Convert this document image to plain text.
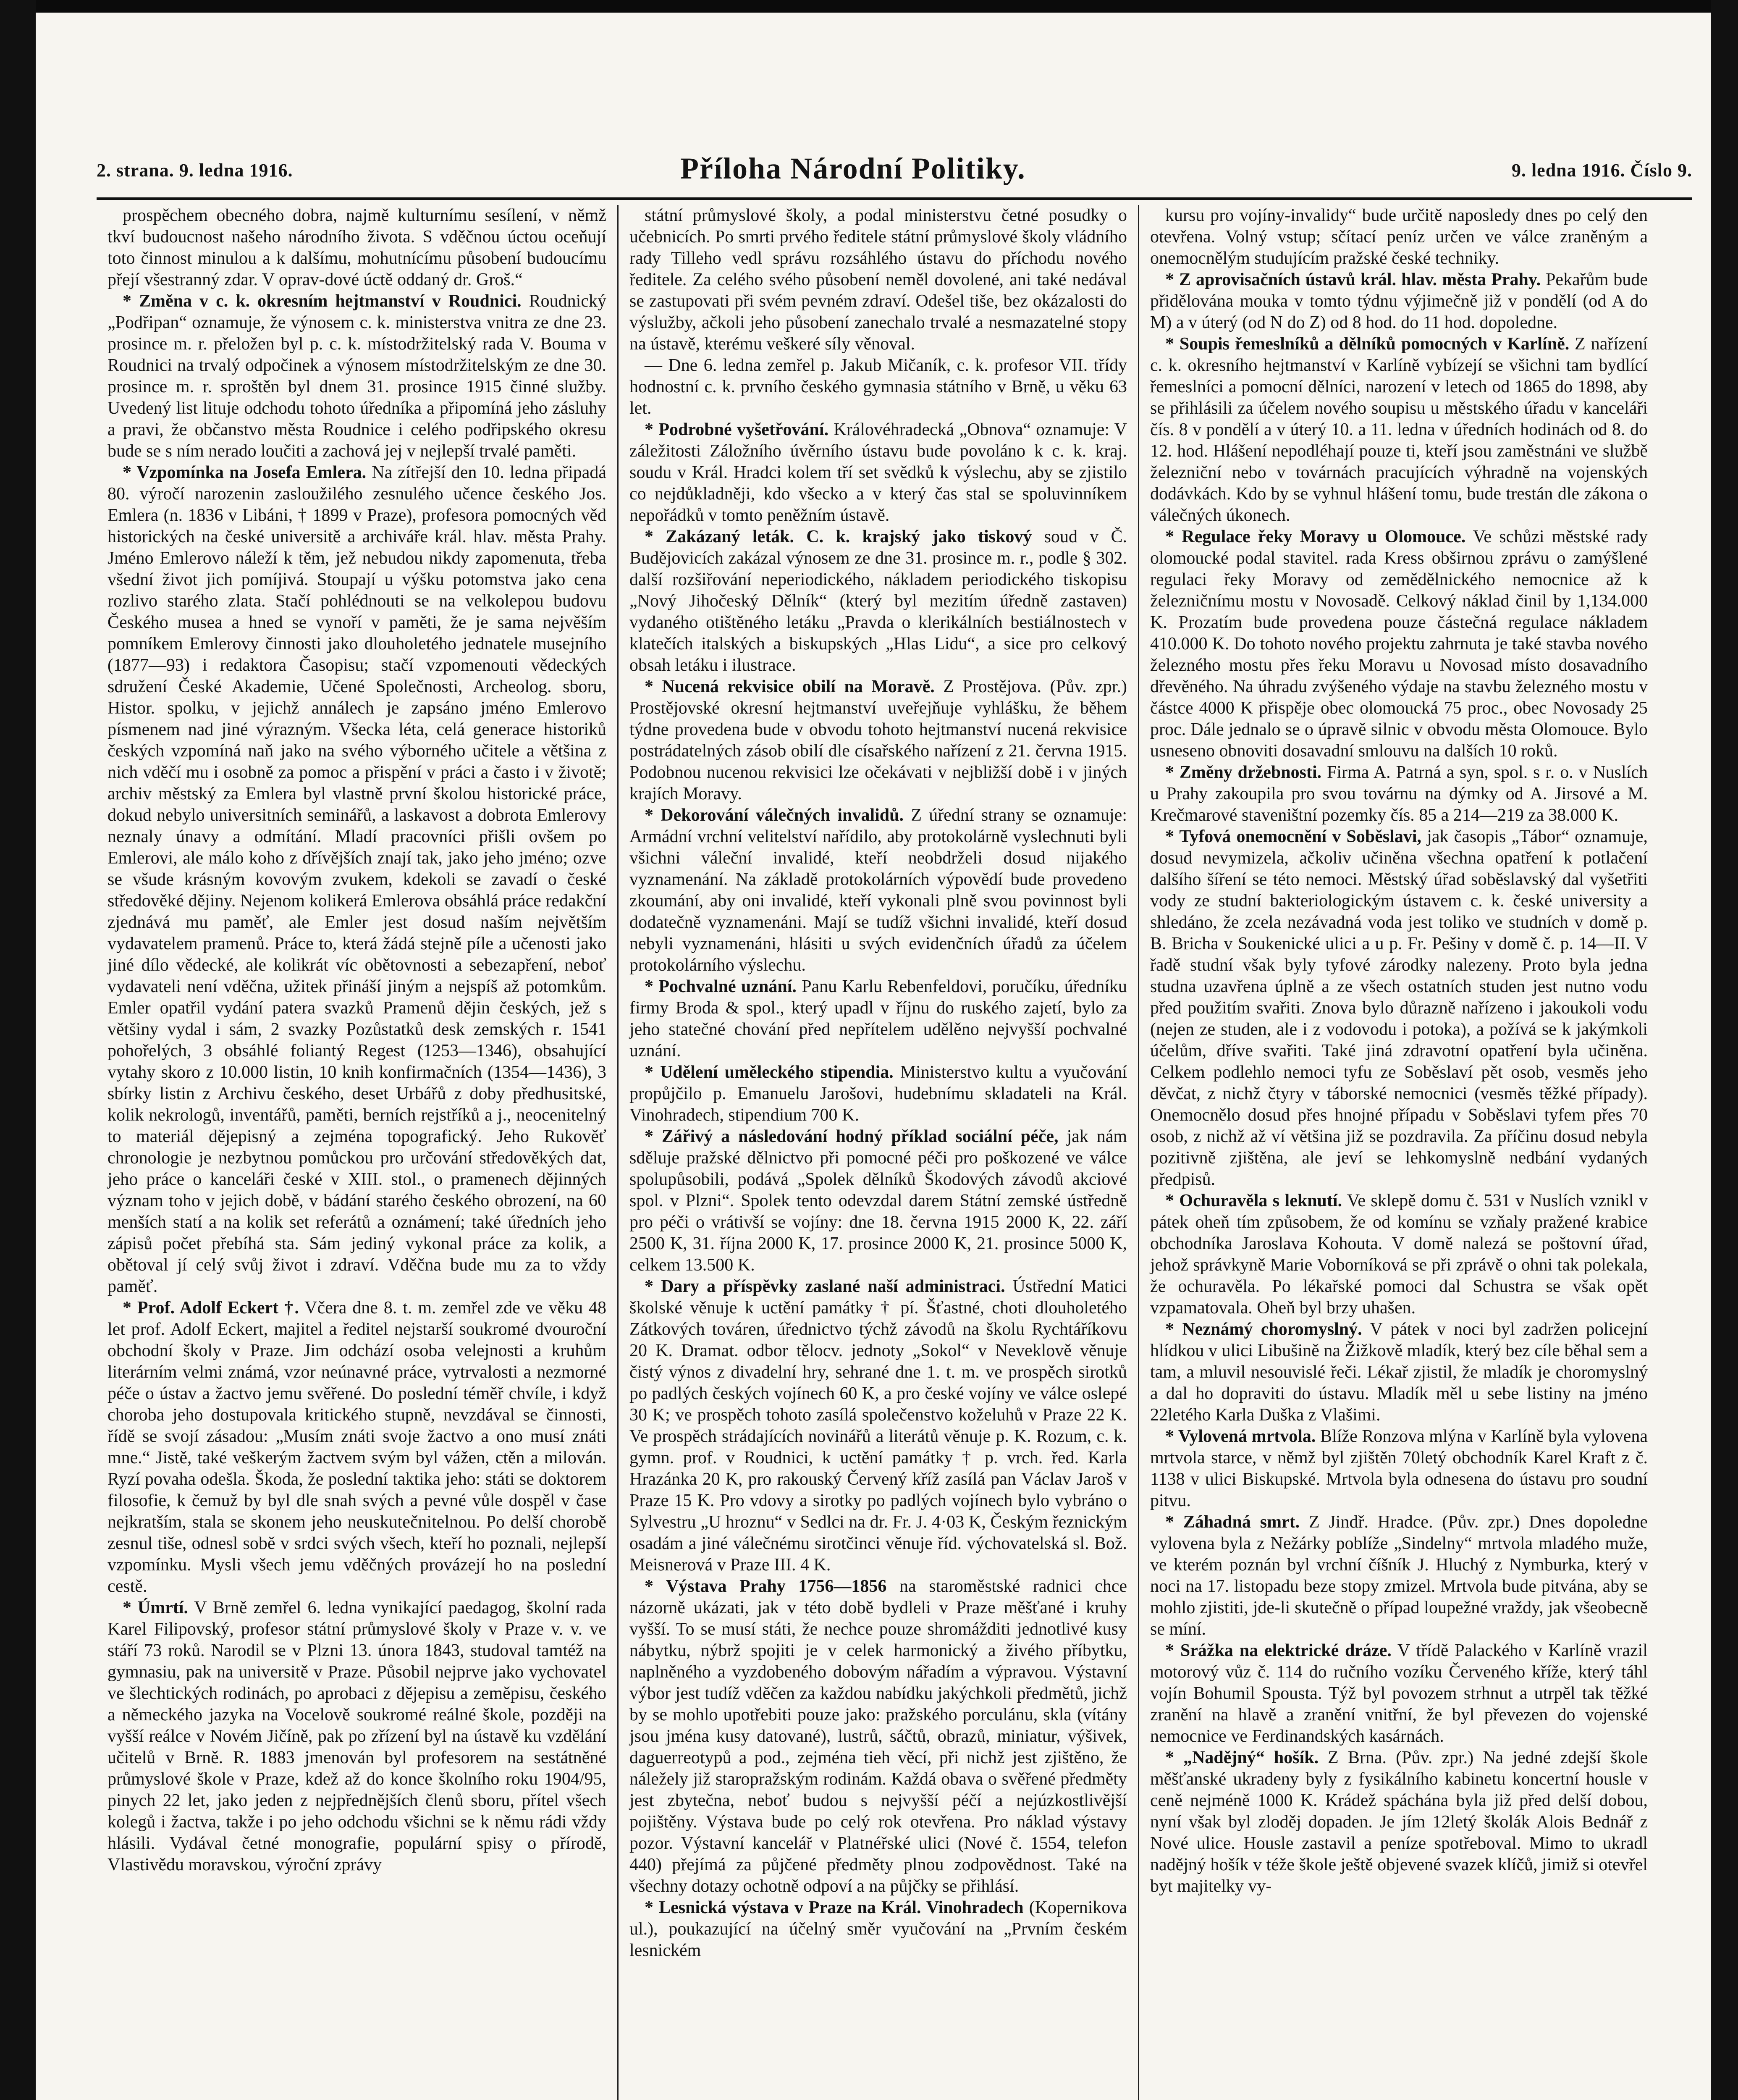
2. strana. 9. ledna 1916.	Příloha Národní Politiky.	9. ledna 1916. Číslo 9.

prospěchem obecného dobra, najmě kulturnímu sesílení, v němž tkví budoucnost našeho národního života. S vděčnou úctou oceňují toto činnost minulou a k dalšímu, mohutnícímu působení budoucímu přejí všestranný zdar. V oprav-dové úctě oddaný dr. Groš.“

* Změna v c. k. okresním hejtmanství v Roudnici. Roudnický „Podřipan“ oznamuje, že výnosem c. k. ministerstva vnitra ze dne 23. prosince m. r. přeložen byl p. c. k. místodržitelský rada V. Bouma v Roudnici na trvalý odpočinek a výnosem místodržitelským ze dne 30. prosince m. r. sproštěn byl dnem 31. prosince 1915 činné služby. Uvedený list lituje odchodu tohoto úředníka a připomíná jeho zásluhy a pravi, že občanstvo města Roudnice i celého podřipského okresu bude se s ním nerado loučiti a zachová jej v nejlepší trvalé paměti.

* Vzpomínka na Josefa Emlera. Na zítřejší den 10. ledna připadá 80. výročí narozenin zasloužilého zesnulého učence českého Jos. Emlera (n. 1836 v Libáni, † 1899 v Praze), profesora pomocných věd historických na české universitě a archiváře král. hlav. města Prahy. Jméno Emlerovo náleží k těm, jež nebudou nikdy zapomenuta, třeba všední život jich pomíjivá. Stoupají u výšku potomstva jako cena rozlivo starého zlata. Stačí pohlédnouti se na velkolepou budovu Českého musea a hned se vynoří v paměti, že je sama nejvěším pomníkem Emlerovy činnosti jako dlouholetého jednatele musejního (1877—93) i redaktora Časopisu; stačí vzpomenouti vědeckých sdružení České Akademie, Učené Společnosti, Archeolog. sboru, Histor. spolku, v jejichž annálech je zapsáno jméno Emlerovo písmenem nad jiné výrazným. Všecka léta, celá generace historiků českých vzpomíná naň jako na svého výborného učitele a většina z nich vděčí mu i osobně za pomoc a přispění v práci a často i v životě; archiv městský za Emlera byl vlastně první školou historické práce, dokud nebylo universitních seminářů, a laskavost a dobrota Emlerovy neznaly únavy a odmítání. Mladí pracovníci přišli ovšem po Emlerovi, ale málo koho z dřívějších znají tak, jako jeho jméno; ozve se všude krásným kovovým zvukem, kdekoli se zavadí o české středověké dějiny. Nejenom kolikerá Emlerova obsáhlá práce redakční zjednává mu paměť, ale Emler jest dosud naším největším vydavatelem pramenů. Práce to, která žádá stejně píle a učenosti jako jiné dílo vědecké, ale kolikrát víc obětovnosti a sebezapření, neboť vydavateli není vděčna, užitek přináší jiným a nejspíš až potomkům. Emler opatřil vydání patera svazků Pramenů dějin českých, jež s většiny vydal i sám, 2 svazky Pozůstatků desk zemských r. 1541 pohořelých, 3 obsáhlé foliantý Regest (1253—1346), obsahující vytahy skoro z 10.000 listin, 10 knih konfirmačních (1354—1436), 3 sbírky listin z Archivu českého, deset Urbářů z doby předhusitské, kolik nekrologů, inventářů, paměti, berních rejstříků a j., neocenitelný to materiál dějepisný a zejména topografický. Jeho Rukověť chronologie je nezbytnou pomůckou pro určování středověkých dat, jeho práce o kanceláři české v XIII. stol., o pramenech dějinných význam toho v jejich době, v bádání starého českého obrození, na 60 menších statí a na kolik set referátů a oznámení; také úředních jeho zápisů počet přebíhá sta. Sám jediný vykonal práce za kolik, a obětoval jí celý svůj život i zdraví. Vděčna bude mu za to vždy paměť.

* Prof. Adolf Eckert †. Včera dne 8. t. m. zemřel zde ve věku 48 let prof. Adolf Eckert, majitel a ředitel nejstarší soukromé dvouroční obchodní školy v Praze. Jim odchází osoba velejnosti a kruhům literárním velmi známá, vzor neúnavné práce, vytrvalosti a nezmorné péče o ústav a žactvo jemu svěřené. Do poslední téměř chvíle, i když choroba jeho dostupovala kritického stupně, nevzdával se činnosti, řídě se svojí zásadou: „Musím znáti svoje žactvo a ono musí znáti mne.“ Jistě, také veškerým žactvem svým byl vážen, ctěn a milován. Ryzí povaha odešla. Škoda, že poslední taktika jeho: státi se doktorem filosofie, k čemuž by byl dle snah svých a pevné vůle dospěl v čase nejkratším, stala se skonem jeho neuskutečnitelnou. Po delší chorobě zesnul tiše, odnesl sobě v srdci svých všech, kteří ho poznali, nejlepší vzpomínku. Mysli všech jemu vděčných provázejí ho na poslední cestě.

* Úmrtí. V Brně zemřel 6. ledna vynikající paedagog, školní rada Karel Filipovský, profesor státní průmyslové školy v Praze v. v. ve stáří 73 roků. Narodil se v Plzni 13. února 1843, studoval tamtéž na gymnasiu, pak na universitě v Praze. Působil nejprve jako vychovatel ve šlechtických rodinách, po aprobaci z dějepisu a zeměpisu, českého a německého jazyka na Vocelově soukromé reálné škole, později na vyšší reálce v Novém Jičíně, pak po zřízení byl na ústavě ku vzdělání učitelů v Brně. R. 1883 jmenován byl profesorem na sestátněné průmyslové škole v Praze, kdež až do konce školního roku 1904/95, pinych 22 let, jako jeden z nejpřednějších členů sboru, přítel všech kolegů i žactva, takže i po jeho odchodu všichni se k němu rádi vždy hlásili. Vydával četné monografie, populární spisy o přírodě, Vlastivědu moravskou, výroční zprávy

státní průmyslové školy, a podal ministerstvu četné posudky o učebnicích. Po smrti prvého ředitele státní průmyslové školy vládního rady Tilleho vedl správu rozsáhlého ústavu do příchodu nového ředitele. Za celého svého působení neměl dovolené, ani také nedával se zastupovati při svém pevném zdraví. Odešel tiše, bez okázalosti do výslužby, ačkoli jeho působení zanechalo trvalé a nesmazatelné stopy na ústavě, kterému veškeré síly věnoval.

— Dne 6. ledna zemřel p. Jakub Mičaník, c. k. profesor VII. třídy hodnostní c. k. prvního českého gymnasia státního v Brně, u věku 63 let.

* Podrobné vyšetřování. Královéhradecká „Obnova“ oznamuje: V záležitosti Záložního úvěrního ústavu bude povoláno k c. k. kraj. soudu v Král. Hradci kolem tří set svědků k výslechu, aby se zjistilo co nejdůkladněji, kdo všecko a v který čas stal se spoluvinníkem nepořádků v tomto peněžním ústavě.

* Zakázaný leták. C. k. krajský jako tiskový soud v Č. Budějovicích zakázal výnosem ze dne 31. prosince m. r., podle § 302. další rozšiřování neperiodického, nákladem periodického tiskopisu „Nový Jihočeský Dělník“ (který byl mezitím úředně zastaven) vydaného otištěného letáku „Pravda o klerikálních bestiálnostech v klatečích italských a biskupských „Hlas Lidu“, a sice pro celkový obsah letáku i ilustrace.

* Nucená rekvisice obilí na Moravě. Z Prostějova. (Pův. zpr.) Prostějovské okresní hejtmanství uveřejňuje vyhlášku, že během týdne provedena bude v obvodu tohoto hejtmanství nucená rekvisice postrádatelných zásob obilí dle císařského nařízení z 21. června 1915. Podobnou nucenou rekvisici lze očekávati v nejbližší době i v jiných krajích Moravy.

* Dekorování válečných invalidů. Z úřední strany se oznamuje: Armádní vrchní velitelství nařídilo, aby protokolárně vyslechnuti byli všichni váleční invalidé, kteří neobdrželi dosud nijakého vyznamenání. Na základě protokolárních výpovědí bude provedeno zkoumání, aby oni invalidé, kteří vykonali plně svou povinnost byli dodatečně vyznamenáni. Mají se tudíž všichni invalidé, kteří dosud nebyli vyznamenáni, hlásiti u svých evidenčních úřadů za účelem protokolárního výslechu.

* Pochvalné uznání. Panu Karlu Rebenfeldovi, poručíku, úředníku firmy Broda & spol., který upadl v říjnu do ruského zajetí, bylo za jeho statečné chování před nepřítelem udělěno nejvyšší pochvalné uznání.

* Udělení uměleckého stipendia. Ministerstvo kultu a vyučování propůjčilo p. Emanuelu Jarošovi, hudebnímu skladateli na Král. Vinohradech, stipendium 700 K.

* Zářivý a následování hodný příklad sociální péče, jak nám sděluje pražské dělnictvo při pomocné péči pro poškozené ve válce spolupůsobili, podává „Spolek dělníků Škodových závodů akciové spol. v Plzni“. Spolek tento odevzdal darem Státní zemské ústředně pro péči o vrátivší se vojíny: dne 18. června 1915 2000 K, 22. září 2500 K, 31. října 2000 K, 17. prosince 2000 K, 21. prosince 5000 K, celkem 13.500 K.

* Dary a příspěvky zaslané naší administraci. Ústřední Matici školské věnuje k uctění památky † pí. Šťastné, choti dlouholetého Zátkových továren, úřednictvo týchž závodů na školu Rychtáříkovu 20 K. Dramat. odbor tělocv. jednoty „Sokol“ v Neveklově věnuje čistý výnos z divadelní hry, sehrané dne 1. t. m. ve prospěch sirotků po padlých českých vojínech 60 K, a pro české vojíny ve válce oslepé 30 K; ve prospěch tohoto zasílá společenstvo koželuhů v Praze 22 K. Ve prospěch strádajících novinářů a literátů věnuje p. K. Rozum, c. k. gymn. prof. v Roudnici, k uctění památky † p. vrch. řed. Karla Hrazánka 20 K, pro rakouský Červený kříž zasílá pan Václav Jaroš v Praze 15 K. Pro vdovy a sirotky po padlých vojínech bylo vybráno o Sylvestru „U hroznu“ v Sedlci na dr. Fr. J. 4·03 K, Českým řeznickým osadám a jiné válečnému sirotčinci věnuje říd. výchovatelská sl. Bož. Meisnerová v Praze III. 4 K.

* Výstava Prahy 1756—1856 na staroměstské radnici chce názorně ukázati, jak v této době bydleli v Praze měšťané i kruhy vyšší. To se musí státi, že nechce pouze shromážditi jednotlivé kusy nábytku, nýbrž spojiti je v celek harmonický a živého příbytku, naplněného a vyzdobeného dobovým nářadím a výpravou. Výstavní výbor jest tudíž vděčen za každou nabídku jakýchkoli předmětů, jichž by se mohlo upotřebiti pouze jako: pražského porculánu, skla (vítány jsou jména kusy datované), lustrů, sáčtů, obrazů, miniatur, výšivek, daguerreotypů a pod., zejména tieh věcí, při nichž jest zjištěno, že náležely již staropražským rodinám. Každá obava o svěřené předměty jest zbytečna, neboť budou s nejvyšší péčí a nejúzkostlivější pojištěny. Výstava bude po celý rok otevřena. Pro náklad výstavy pozor. Výstavní kancelář v Platnéřské ulici (Nové č. 1554, telefon 440) přejímá za půjčené předměty plnou zodpovědnost. Také na všechny dotazy ochotně odpoví a na půjčky se přihlásí.

* Lesnická výstava v Praze na Král. Vinohradech (Kopernikova ul.), poukazující na účelný směr vyučování na „Prvním českém lesnickém

kursu pro vojíny-invalidy“ bude určitě naposledy dnes po celý den otevřena. Volný vstup; sčítací peníz určen ve válce zraněným a onemocnělým studujícím pražské české techniky.

* Z aprovisačních ústavů král. hlav. města Prahy. Pekařům bude přidělována mouka v tomto týdnu výjimečně již v pondělí (od A do M) a v úterý (od N do Z) od 8 hod. do 11 hod. dopoledne.

* Soupis řemeslníků a dělníků pomocných v Karlíně. Z nařízení c. k. okresního hejtmanství v Karlíně vybízejí se všichni tam bydlící řemeslníci a pomocní dělníci, narození v letech od 1865 do 1898, aby se přihlásili za účelem nového soupisu u městského úřadu v kanceláři čís. 8 v pondělí a v úterý 10. a 11. ledna v úředních hodinách od 8. do 12. hod. Hlášení nepodléhají pouze ti, kteří jsou zaměstnáni ve službě železniční nebo v továrnách pracujících výhradně na vojenských dodávkách. Kdo by se vyhnul hlášení tomu, bude trestán dle zákona o válečných úkonech.

* Regulace řeky Moravy u Olomouce. Ve schůzi městské rady olomoucké podal stavitel. rada Kress obširnou zprávu o zamýšlené regulaci řeky Moravy od zemědělnického nemocnice až k železničnímu mostu v Novosadě. Celkový náklad činil by 1,134.000 K. Prozatím bude provedena pouze částečná regulace nákladem 410.000 K. Do tohoto nového projektu zahrnuta je také stavba nového železného mostu přes řeku Moravu u Novosad místo dosavadního dřevěného. Na úhradu zvýšeného výdaje na stavbu železného mostu v částce 4000 K přispěje obec olomoucká 75 proc., obec Novosady 25 proc. Dále jednalo se o úpravě silnic v obvodu města Olomouce. Bylo usneseno obnoviti dosavadní smlouvu na dalších 10 roků.

* Změny držebnosti. Firma A. Patrná a syn, spol. s r. o. v Nuslích u Prahy zakoupila pro svou továrnu na dýmky od A. Jirsové a M. Krečmarové staveništní pozemky čís. 85 a 214—219 za 38.000 K.

* Tyfová onemocnění v Soběslavi, jak časopis „Tábor“ oznamuje, dosud nevymizela, ačkoliv učiněna všechna opatření k potlačení dalšího šíření se této nemoci. Městský úřad soběslavský dal vyšetřiti vody ze studní bakteriologickým ústavem c. k. české university a shledáno, že zcela nezávadná voda jest toliko ve studních v domě p. B. Bricha v Soukenické ulici a u p. Fr. Pešiny v domě č. p. 14—II. V řadě studní však byly tyfové zárodky nalezeny. Proto byla jedna studna uzavřena úplně a ze všech ostatních studen jest nutno vodu před použitím svařiti. Znova bylo důrazně nařízeno i jakoukoli vodu (nejen ze studen, ale i z vodovodu i potoka), a požívá se k jakýmkoli účelům, dříve svařiti. Také jiná zdravotní opatření byla učiněna. Celkem podlehlo nemoci tyfu ze Soběslaví pět osob, vesměs jeho děvčat, z nichž čtyry v táborské nemocnici (vesměs těžké případy). Onemocnělo dosud přes hnojné případu v Soběslavi tyfem přes 70 osob, z nichž až ví většina již se pozdravila. Za příčinu dosud nebyla pozitivně zjištěna, ale jeví se lehkomyslně nedbání vydaných předpisů.

* Ochuravěla s leknutí. Ve sklepě domu č. 531 v Nuslích vznikl v pátek oheň tím způsobem, že od komínu se vzňaly pražené krabice obchodníka Jaroslava Kohouta. V domě nalezá se poštovní úřad, jehož správkyně Marie Voborníková se při zprávě o ohni tak polekala, že ochuravěla. Po lékařské pomoci dal Schustra se však opět vzpamatovala. Oheň byl brzy uhašen.

* Neznámý choromyslný. V pátek v noci byl zadržen policejní hlídkou v ulici Libušině na Žižkově mladík, který bez cíle běhal sem a tam, a mluvil nesouvislé řeči. Lékař zjistil, že mladík je choromyslný a dal ho dopraviti do ústavu. Mladík měl u sebe listiny na jméno 22letého Karla Duška z Vlašimi.

* Vylovená mrtvola. Blíže Ronzova mlýna v Karlíně byla vylovena mrtvola starce, v němž byl zjištěn 70letý obchodník Karel Kraft z č. 1138 v ulici Biskupské. Mrtvola byla odnesena do ústavu pro soudní pitvu.

* Záhadná smrt. Z Jindř. Hradce. (Pův. zpr.) Dnes dopoledne vylovena byla z Nežárky poblíže „Sindelny“ mrtvola mladého muže, ve kterém poznán byl vrchní číšník J. Hluchý z Nymburka, který v noci na 17. listopadu beze stopy zmizel. Mrtvola bude pitvána, aby se mohlo zjistiti, jde-li skutečně o případ loupežné vraždy, jak všeobecně se míní.

* Srážka na elektrické dráze. V třídě Palackého v Karlíně vrazil motorový vůz č. 114 do ručního vozíku Červeného kříže, který táhl vojín Bohumil Spousta. Týž byl povozem strhnut a utrpěl tak těžké zranění na hlavě a zranění vnitřní, že byl převezen do vojenské nemocnice ve Ferdinandských kasárnách.

* „Nadějný“ hošík. Z Brna. (Pův. zpr.) Na jedné zdejší škole měšťanské ukradeny byly z fysikálního kabinetu koncertní housle v ceně nejméně 1000 K. Krádež spáchána byla již před delší dobou, nyní však byl zloděj dopaden. Je jím 12letý školák Alois Bednář z Nové ulice. Housle zastavil a peníze spotřeboval. Mimo to ukradl nadějný hošík v téže škole ještě objevené svazek klíčů, jimiž si otevřel byt majitelky vy-
